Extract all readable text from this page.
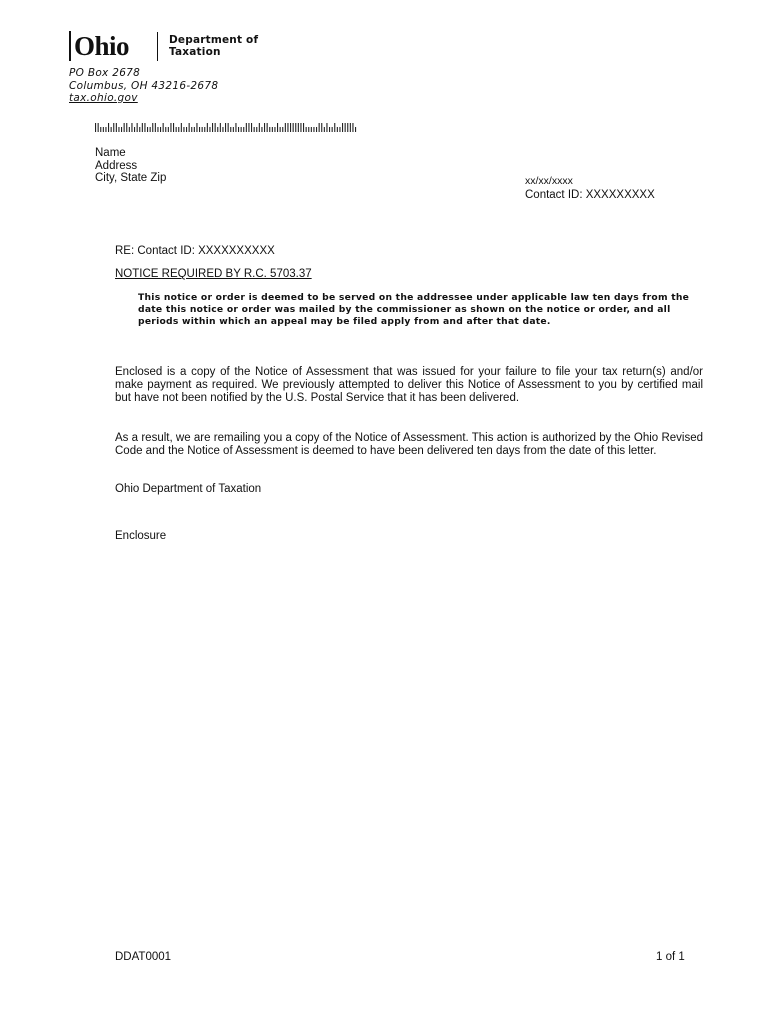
Ohio	Department of
Taxation
PO Box 2678
Columbus, OH 43216-2678
tax.ohio.gov
Name
Address
City, State Zip	xx/xx/xxxx
Contact ID: XXXXXXXXX
RE: Contact ID: XXXXXXXXXX
NOTICE REQUIRED BY R.C. 5703.37
This notice or order is deemed to be served on the addressee under applicable law ten days from the date this notice or order was mailed by the commissioner as shown on the notice or order, and all periods within which an appeal may be filed apply from and after that date.
Enclosed is a copy of the Notice of Assessment that was issued for your failure to file your tax return(s) and/or make payment as required. We previously attempted to deliver this Notice of Assessment to you by certified mail but have not been notified by the U.S. Postal Service that it has been delivered.
As a result, we are remailing you a copy of the Notice of Assessment. This action is authorized by the Ohio Revised Code and the Notice of Assessment is deemed to have been delivered ten days from the date of this letter.
Ohio Department of Taxation
Enclosure
DDAT0001	1 of 1
